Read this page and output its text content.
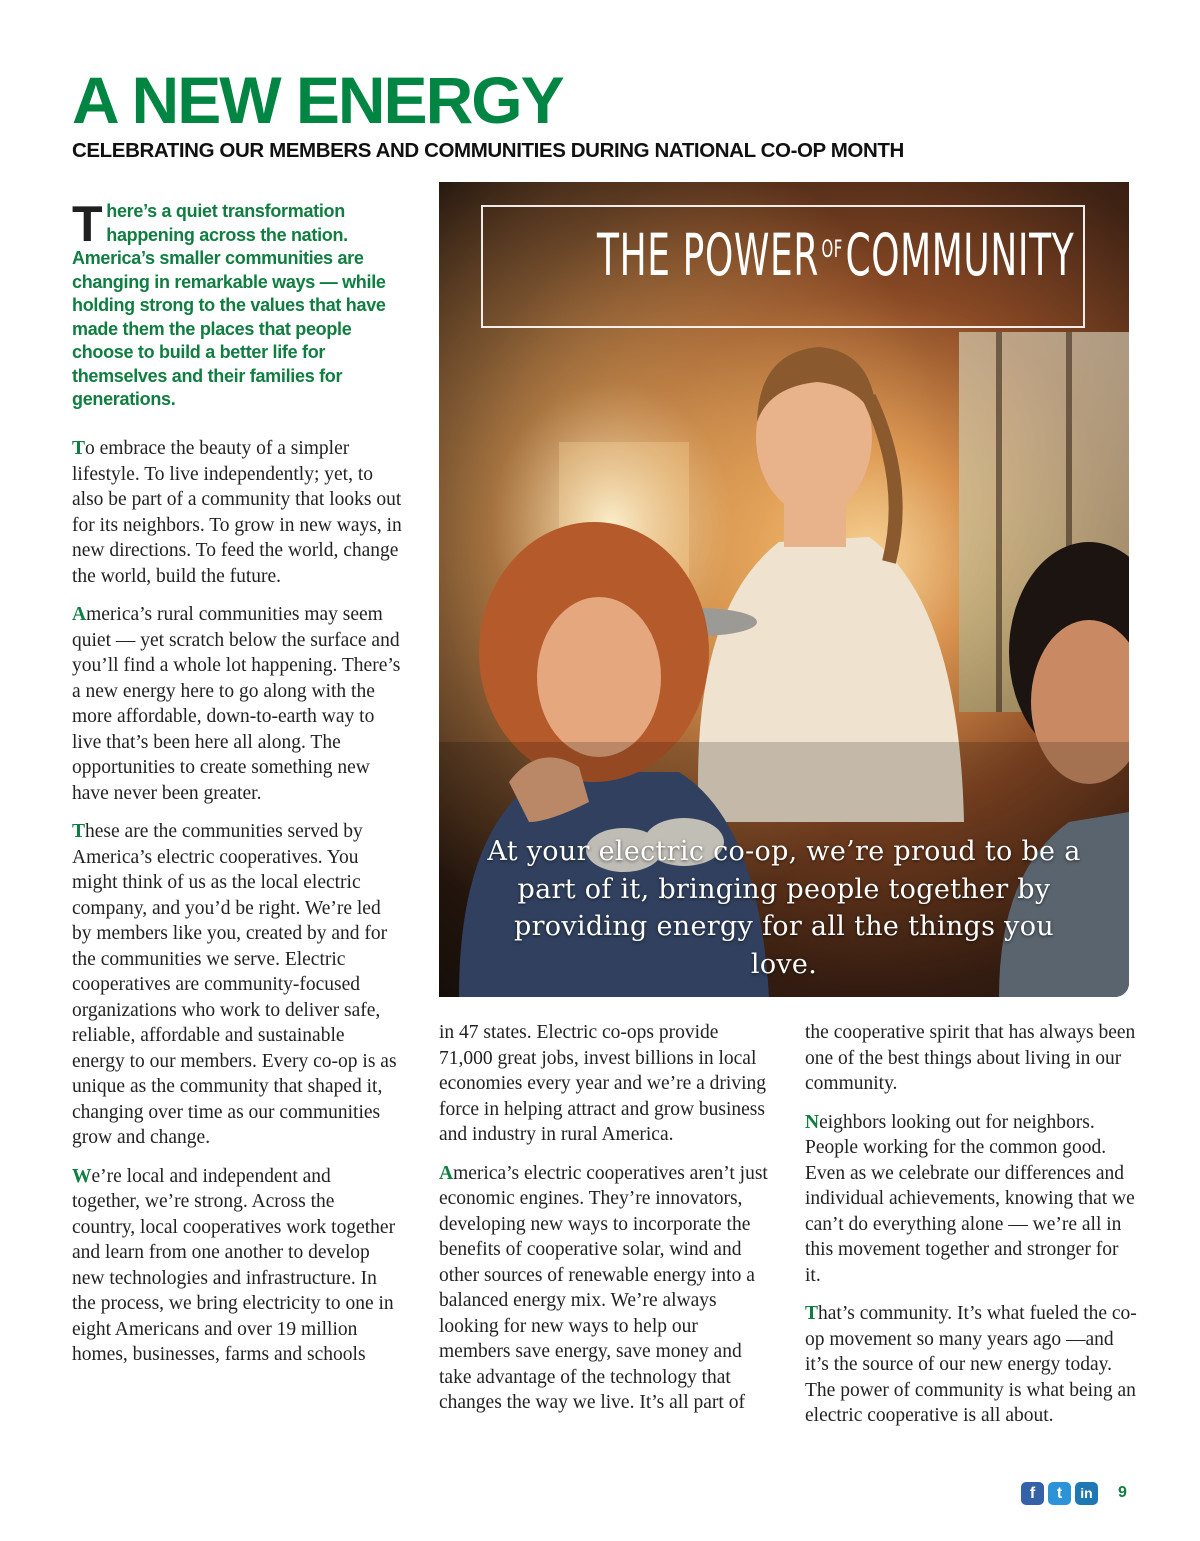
A NEW ENERGY
CELEBRATING OUR MEMBERS AND COMMUNITIES DURING NATIONAL CO-OP MONTH

There’s a quiet transformation happening across the nation. America’s smaller communities are changing in remarkable ways — while holding strong to the values that have made them the places that people choose to build a better life for themselves and their families for generations.

To embrace the beauty of a simpler lifestyle. To live independently; yet, to also be part of a community that looks out for its neighbors. To grow in new ways, in new directions. To feed the world, change the world, build the future.

America’s rural communities may seem quiet — yet scratch below the surface and you’ll find a whole lot happening. There’s a new energy here to go along with the more affordable, down-to-earth way to live that’s been here all along. The opportunities to create something new have never been greater.

These are the communities served by America’s electric cooperatives. You might think of us as the local electric company, and you’d be right. We’re led by members like you, created by and for the communities we serve. Electric cooperatives are community-focused organizations who work to deliver safe, reliable, affordable and sustainable energy to our members. Every co-op is as unique as the community that shaped it, changing over time as our communities grow and change.

We’re local and independent and together, we’re strong. Across the country, local cooperatives work together and learn from one another to develop new technologies and infrastructure. In the process, we bring electricity to one in eight Americans and over 19 million homes, businesses, farms and schools

THE POWER $^{OF}$COMMUNITY
At your electric co-op, we’re proud to be a part of it, bringing people together by providing energy for all the things you love.

in 47 states. Electric co-ops provide 71,000 great jobs, invest billions in local economies every year and we’re a driving force in helping attract and grow business and industry in rural America.

America’s electric cooperatives aren’t just economic engines. They’re innovators, developing new ways to incorporate the benefits of cooperative solar, wind and other sources of renewable energy into a balanced energy mix. We’re always looking for new ways to help our members save energy, save money and take advantage of the technology that changes the way we live. It’s all part of

the cooperative spirit that has always been one of the best things about living in our community.

Neighbors looking out for neighbors. People working for the common good. Even as we celebrate our differences and individual achievements, knowing that we can’t do everything alone — we’re all in this movement together and stronger for it.

That’s community. It’s what fueled the co-op movement so many years ago —and it’s the source of our new energy today. The power of community is what being an electric cooperative is all about.

f	t	in	9
